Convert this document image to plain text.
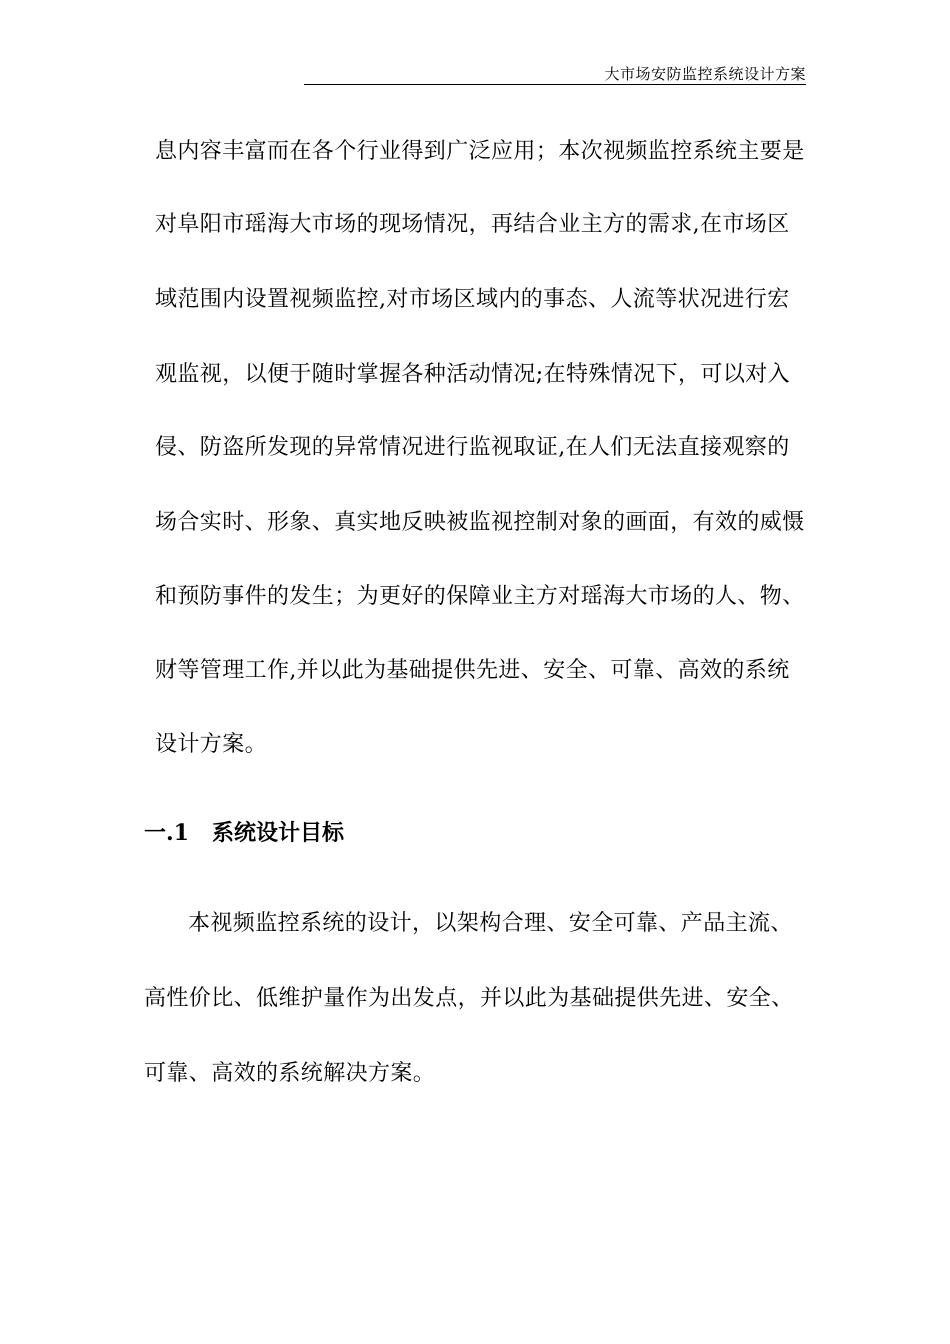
大市场安防监控系统设计方案
息内容丰富而在各个行业得到广泛应用；本次视频监控系统主要是
对阜阳市瑶海大市场的现场情况，再结合业主方的需求,在市场区
域范围内设置视频监控,对市场区域内的事态、人流等状况进行宏
观监视，以便于随时掌握各种活动情况;在特殊情况下，可以对入
侵、防盗所发现的异常情况进行监视取证,在人们无法直接观察的
场合实时、形象、真实地反映被监视控制对象的画面，有效的威慑
和预防事件的发生；为更好的保障业主方对瑶海大市场的人、物、
财等管理工作,并以此为基础提供先进、安全、可靠、高效的系统
设计方案。
一.1 系统设计目标
本视频监控系统的设计，以架构合理、安全可靠、产品主流、
高性价比、低维护量作为出发点，并以此为基础提供先进、安全、
可靠、高效的系统解决方案。
